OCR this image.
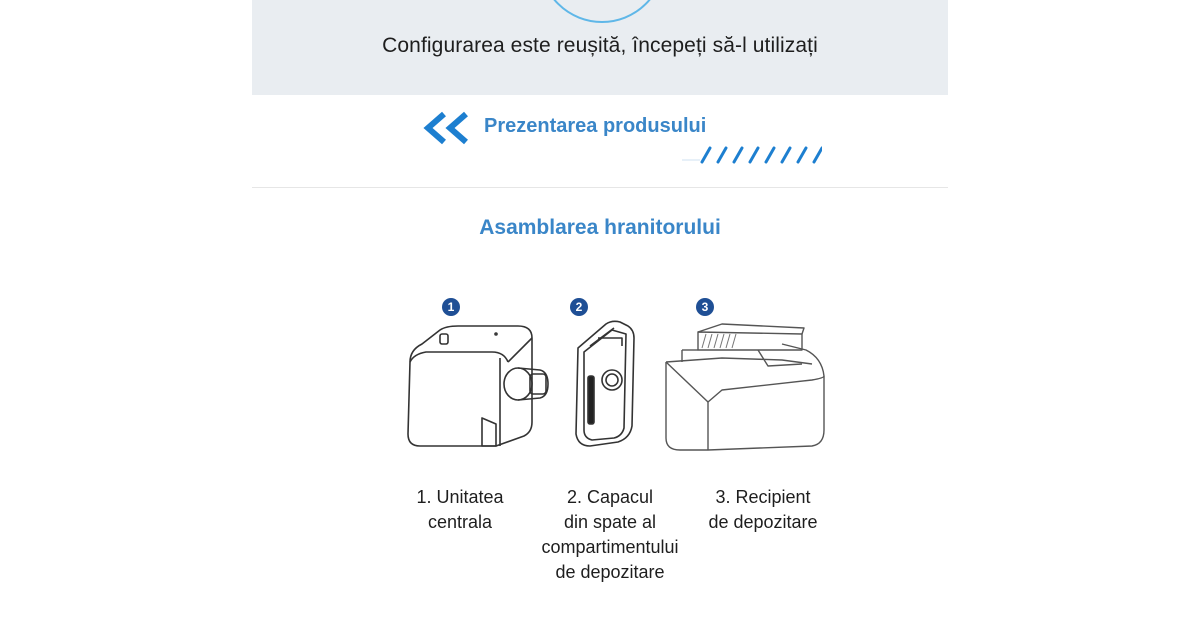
Configurarea este reușită, începeți să-l utilizați
Prezentarea produsului
Asamblarea hranitorului
1
1. Unitatea
centrala
2
2. Capacul
din spate al
compartimentului
de depozitare
3
3. Recipient
de depozitare
